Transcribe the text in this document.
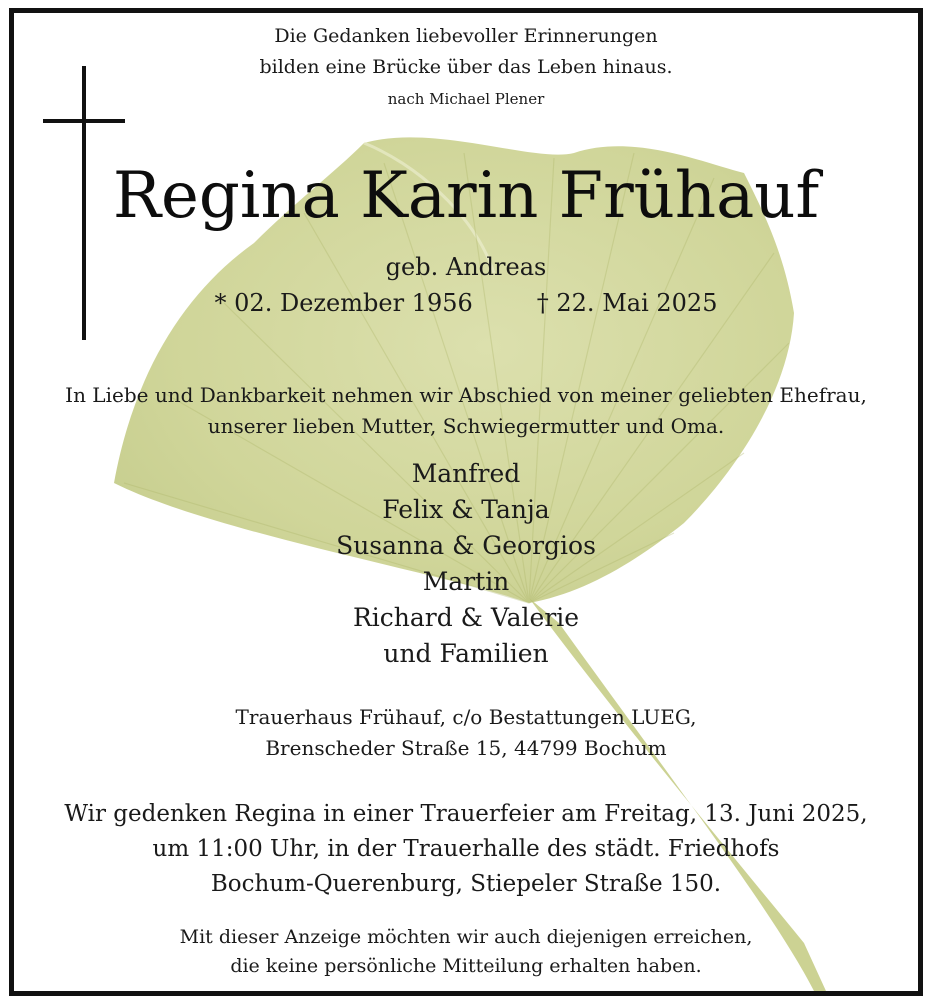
Die Gedanken liebevoller Erinnerungen
bilden eine Brücke über das Leben hinaus.
nach Michael Plener
Regina Karin Frühauf
geb. Andreas
* 02. Dezember 1956	† 22. Mai 2025
In Liebe und Dankbarkeit nehmen wir Abschied von meiner geliebten Ehefrau,
unserer lieben Mutter, Schwiegermutter und Oma.
Manfred
Felix & Tanja
Susanna & Georgios
Martin
Richard & Valerie
und Familien
Trauerhaus Frühauf, c/o Bestattungen LUEG,
Brenscheder Straße 15, 44799 Bochum
Wir gedenken Regina in einer Trauerfeier am Freitag, 13. Juni 2025,
um 11:00 Uhr, in der Trauerhalle des städt. Friedhofs
Bochum-Querenburg, Stiepeler Straße 150.
Mit dieser Anzeige möchten wir auch diejenigen erreichen,
die keine persönliche Mitteilung erhalten haben.
